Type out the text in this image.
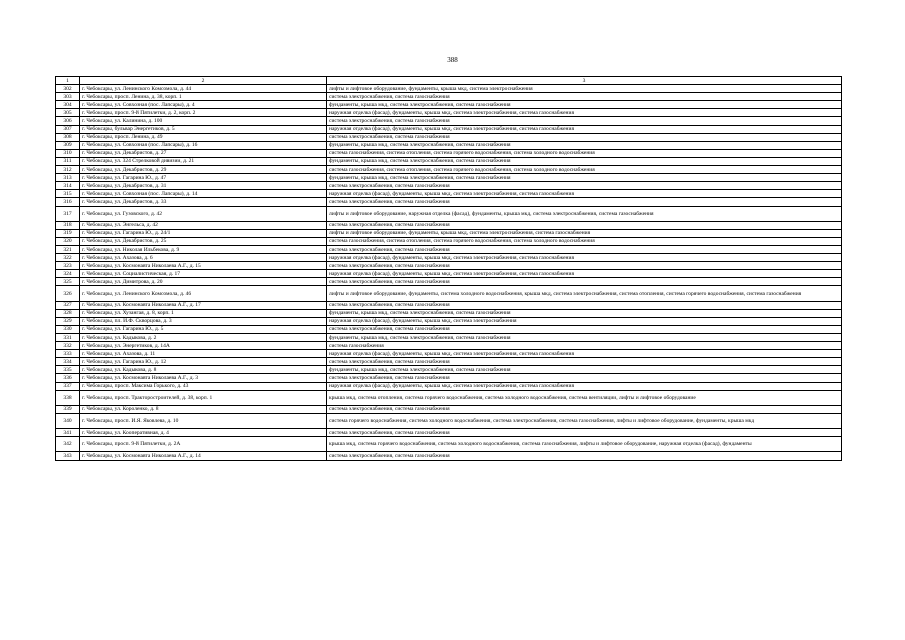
388
1	2	3
302	г. Чебоксары, ул. Ленинского Комсомола, д. 44	лифты и лифтовое оборудование, фундаменты, крыша мкд, система электроснабжения
303	г. Чебоксары, просп. Ленина, д. 38, корп. 1	система электроснабжения, система газоснабжения
304	г. Чебоксары, ул. Совхозная (пос. Лапсары), д. 4	фундаменты, крыша мкд, система электроснабжения, система газоснабжения
305	г. Чебоксары, просп. 9-й Пятилетки, д. 2, корп. 2	наружная отделка (фасад), фундаменты, крыша мкд, система электроснабжения, система газоснабжения
306	г. Чебоксары, ул. Калинина, д. 100	система электроснабжения, система газоснабжения
307	г. Чебоксары, бульвар Энергетиков, д. 5	наружная отделка (фасад), фундаменты, крыша мкд, система электроснабжения, система газоснабжения
308	г. Чебоксары, просп. Ленина, д. 49	система электроснабжения, система газоснабжения
309	г. Чебоксары, ул. Совхозная (пос. Лапсары), д. 16	фундаменты, крыша мкд, система электроснабжения, система газоснабжения
310	г. Чебоксары, ул. Декабристов, д. 27	система газоснабжения, система отопления, система горячего водоснабжения, система холодного водоснабжения
311	г. Чебоксары, ул. 324 Стрелковой дивизии, д. 21	фундаменты, крыша мкд, система электроснабжения, система газоснабжения
312	г. Чебоксары, ул. Декабристов, д. 29	система газоснабжения, система отопления, система горячего водоснабжения, система холодного водоснабжения
313	г. Чебоксары, ул. Гагарина Ю., д. 47	фундаменты, крыша мкд, система электроснабжения, система газоснабжения
314	г. Чебоксары, ул. Декабристов, д. 31	система электроснабжения, система газоснабжения
315	г. Чебоксары, ул. Совхозная (пос. Лапсары), д. 14	наружная отделка (фасад), фундаменты, крыша мкд, система электроснабжения, система газоснабжения
316	г. Чебоксары, ул. Декабристов, д. 33	система электроснабжения, система газоснабжения
317	г. Чебоксары, ул. Гузовского, д. 42	лифты и лифтовое оборудование, наружная отделка (фасад), фундаменты, крыша мкд, система электроснабжения, система газоснабжения
318	г. Чебоксары, ул. Энгельса, д. 42	система электроснабжения, система газоснабжения
319	г. Чебоксары, ул. Гагарина Ю., д. 24/1	лифты и лифтовое оборудование, фундаменты, крыша мкд, система электроснабжения, система газоснабжения
320	г. Чебоксары, ул. Декабристов, д. 25	система газоснабжения, система отопления, система горячего водоснабжения, система холодного водоснабжения
321	г. Чебоксары, ул. Николая Ильбекова, д. 9	система электроснабжения, система газоснабжения
322	г. Чебоксары, ул. Ахазова, д. 6	наружная отделка (фасад), фундаменты, крыша мкд, система электроснабжения, система газоснабжения
323	г. Чебоксары, ул. Космонавта Николаева А.Г., д. 15	система электроснабжения, система газоснабжения
324	г. Чебоксары, ул. Социалистическая, д. 17	наружная отделка (фасад), фундаменты, крыша мкд, система электроснабжения, система газоснабжения
325	г. Чебоксары, ул. Димитрова, д. 20	система электроснабжения, система газоснабжения
326	г. Чебоксары, ул. Ленинского Комсомола, д. 46	лифты и лифтовое оборудование, фундаменты, система холодного водоснабжения, крыша мкд, система электроснабжения, система отопления, система горячего водоснабжения, система газоснабжения
327	г. Чебоксары, ул. Космонавта Николаева А.Г., д. 17	система электроснабжения, система газоснабжения
328	г. Чебоксары, ул. Хузангая, д. 8, корп. 1	фундаменты, крыша мкд, система электроснабжения, система газоснабжения
329	г. Чебоксары, пл. И.Ф. Скворцова, д. 3	наружная отделка (фасад), фундаменты, крыша мкд, система электроснабжения
330	г. Чебоксары, ул. Гагарина Ю., д. 5	система электроснабжения, система газоснабжения
331	г. Чебоксары, ул. Кадыкова, д. 2	фундаменты, крыша мкд, система электроснабжения, система газоснабжения
332	г. Чебоксары, ул. Энергетиков, д. 14А	система газоснабжения
333	г. Чебоксары, ул. Ахазова, д. 11	наружная отделка (фасад), фундаменты, крыша мкд, система электроснабжения, система газоснабжения
334	г. Чебоксары, ул. Гагарина Ю., д. 12	система электроснабжения, система газоснабжения
335	г. Чебоксары, ул. Кадыкова, д. 8	фундаменты, крыша мкд, система электроснабжения, система газоснабжения
336	г. Чебоксары, ул. Космонавта Николаева А.Г., д. 3	система электроснабжения, система газоснабжения
337	г. Чебоксары, просп. Максима Горького, д. 43	наружная отделка (фасад), фундаменты, крыша мкд, система электроснабжения, система газоснабжения
338	г. Чебоксары, просп. Тракторостроителей, д. 38, корп. 1	крыша мкд, система отопления, система горячего водоснабжения, система холодного водоснабжения, система вентиляции, лифты и лифтовое оборудование
339	г. Чебоксары, ул. Короленко, д. 8	система электроснабжения, система газоснабжения
340	г. Чебоксары, просп. И.Я. Яковлева, д. 10	система горячего водоснабжения, система холодного водоснабжения, система электроснабжения, система газоснабжения, лифты и лифтовое оборудование, фундаменты, крыша мкд
341	г. Чебоксары, ул. Кооперативная, д. 4	система электроснабжения, система газоснабжения
342	г. Чебоксары, просп. 9-й Пятилетки, д. 2А	крыша мкд, система горячего водоснабжения, система холодного водоснабжения, система газоснабжения, лифты и лифтовое оборудование, наружная отделка (фасад), фундаменты
343	г. Чебоксары, ул. Космонавта Николаева А.Г., д. 14	система электроснабжения, система газоснабжения
